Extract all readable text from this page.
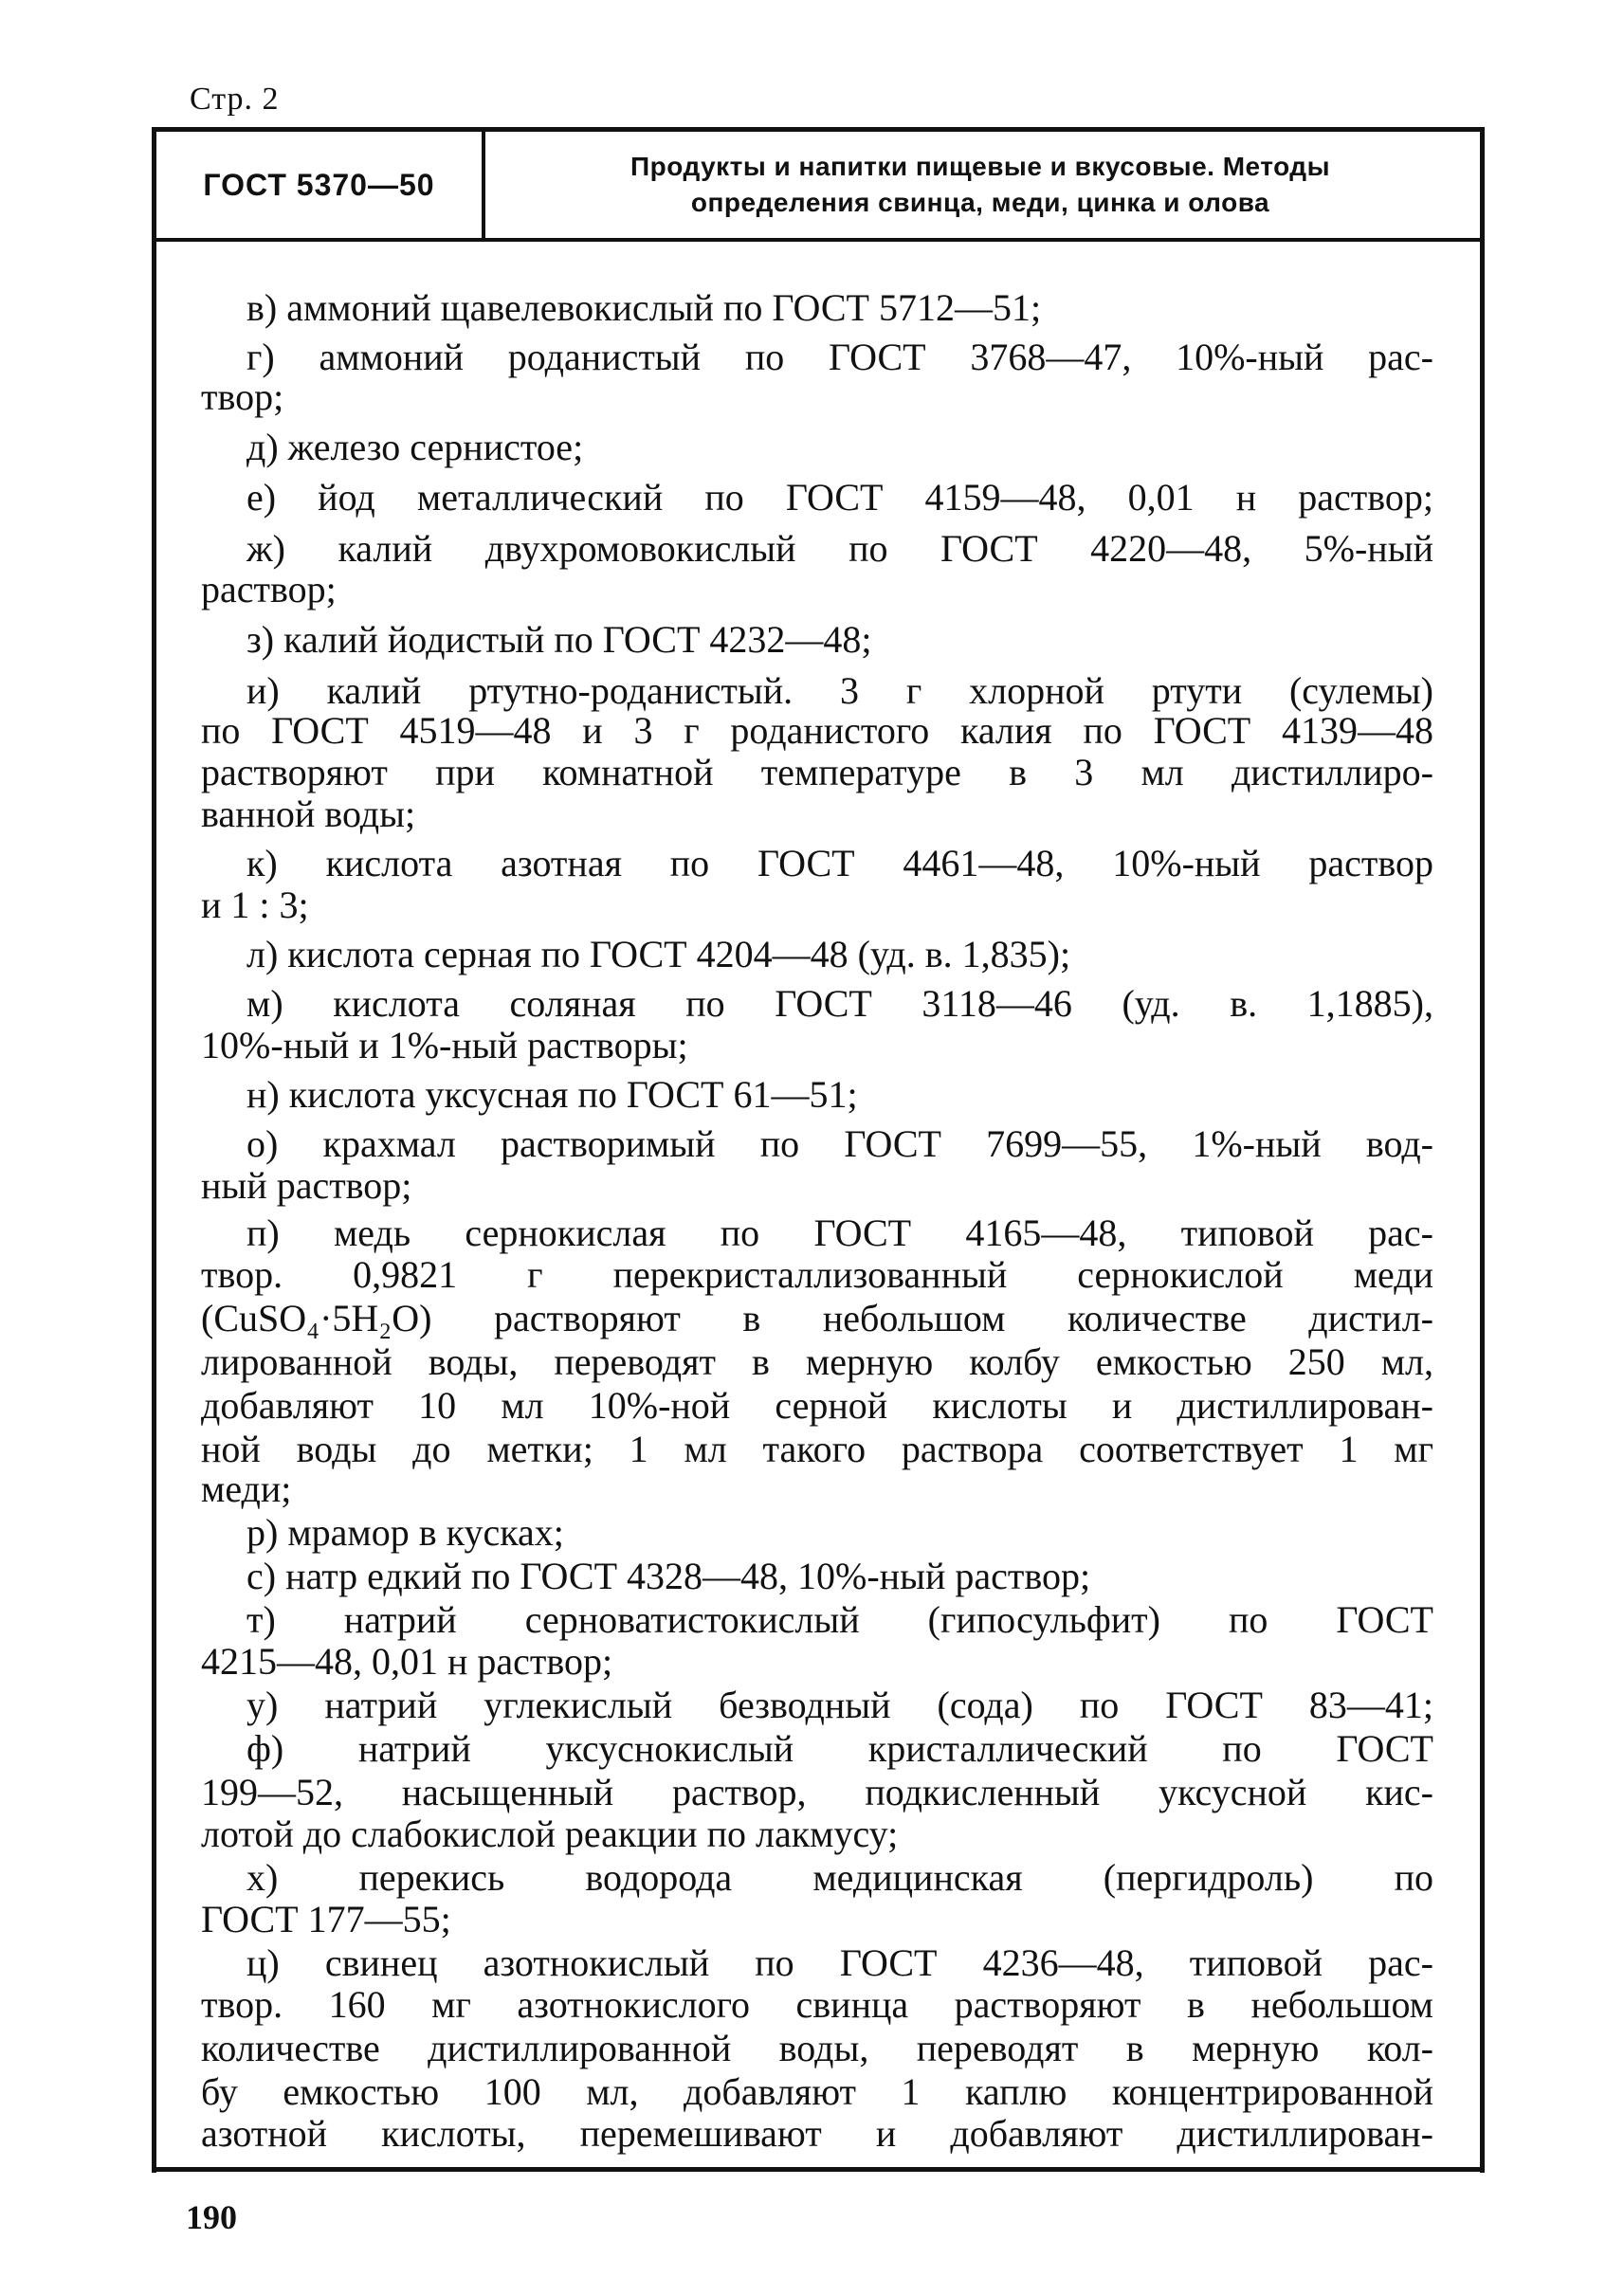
Стр. 2
ГОСТ 5370—50
Продукты и напитки пищевые и вкусовые. Методы
определения свинца, меди, цинка и олова
в) аммоний щавелевокислый по ГОСТ 5712—51;
г) аммоний роданистый по ГОСТ 3768—47, 10%-ный рас-
твор;
д) железо сернистое;
е) йод металлический по ГОСТ 4159—48, 0,01 н раствор;
ж) калий двухромовокислый по ГОСТ 4220—48, 5%-ный
раствор;
з) калий йодистый по ГОСТ 4232—48;
и) калий ртутно-роданистый. 3 г хлорной ртути (сулемы)
по ГОСТ 4519—48 и 3 г роданистого калия по ГОСТ 4139—48
растворяют при комнатной температуре в 3 мл дистиллиро-
ванной воды;
к) кислота азотная по ГОСТ 4461—48, 10%-ный раствор
и 1 : 3;
л) кислота серная по ГОСТ 4204—48 (уд. в. 1,835);
м) кислота соляная по ГОСТ 3118—46 (уд. в. 1,1885),
10%-ный и 1%-ный растворы;
н) кислота уксусная по ГОСТ 61—51;
о) крахмал растворимый по ГОСТ 7699—55, 1%-ный вод-
ный раствор;
п) медь сернокислая по ГОСТ 4165—48, типовой рас-
твор. 0,9821 г перекристаллизованный сернокислой меди
(CuSO₄·5H₂O) растворяют в небольшом количестве дистил-
лированной воды, переводят в мерную колбу емкостью 250 мл,
добавляют 10 мл 10%-ной серной кислоты и дистиллирован-
ной воды до метки; 1 мл такого раствора соответствует 1 мг
меди;
р) мрамор в кусках;
с) натр едкий по ГОСТ 4328—48, 10%-ный раствор;
т) натрий серноватистокислый (гипосульфит) по ГОСТ
4215—48, 0,01 н раствор;
у) натрий углекислый безводный (сода) по ГОСТ 83—41;
ф) натрий уксуснокислый кристаллический по ГОСТ
199—52, насыщенный раствор, подкисленный уксусной кис-
лотой до слабокислой реакции по лакмусу;
х) перекись водорода медицинская (пергидроль) по
ГОСТ 177—55;
ц) свинец азотнокислый по ГОСТ 4236—48, типовой рас-
твор. 160 мг азотнокислого свинца растворяют в небольшом
количестве дистиллированной воды, переводят в мерную кол-
бу емкостью 100 мл, добавляют 1 каплю концентрированной
азотной кислоты, перемешивают и добавляют дистиллирован-
190
